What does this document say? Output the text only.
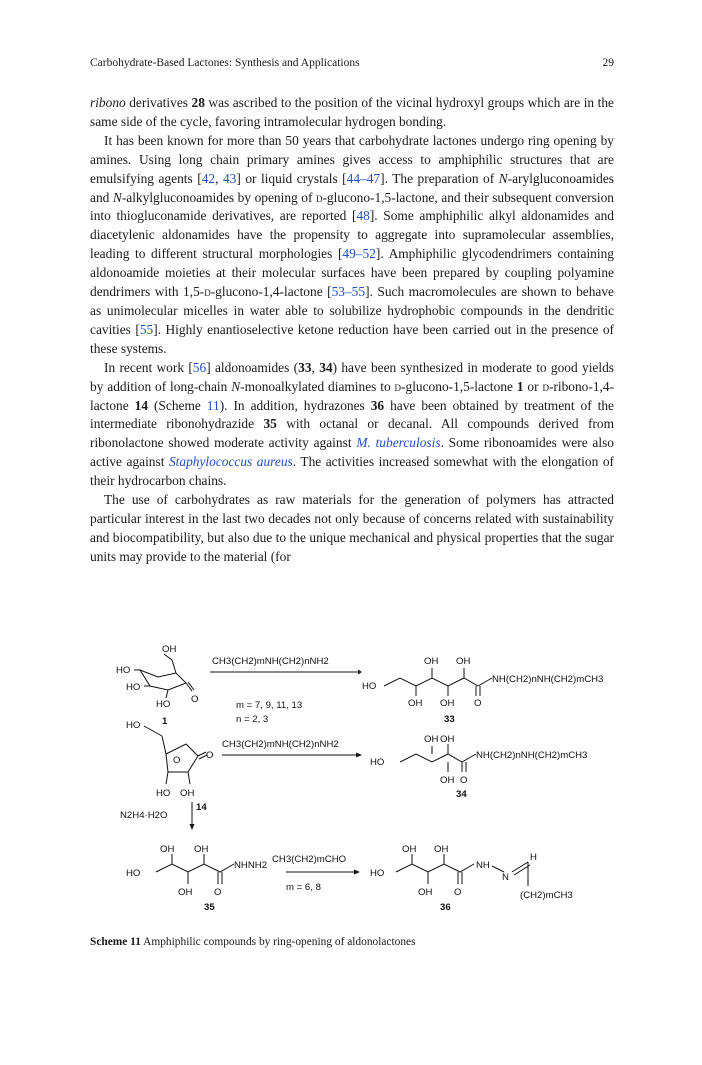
Carbohydrate-Based Lactones: Synthesis and Applications	29

ribono derivatives 28 was ascribed to the position of the vicinal hydroxyl groups which are in the same side of the cycle, favoring intramolecular hydrogen bonding.

It has been known for more than 50 years that carbohydrate lactones undergo ring opening by amines. Using long chain primary amines gives access to amphiphilic structures that are emulsifying agents [42, 43] or liquid crystals [44–47]. The preparation of N-arylgluconoamides and N-alkylgluconoamides by opening of d-glucono-1,5-lactone, and their subsequent conversion into thiogluconamide derivatives, are reported [48]. Some amphiphilic alkyl aldonamides and diacetylenic aldonamides have the propensity to aggregate into supramolecular assemblies, leading to different structural morphologies [49–52]. Amphiphilic glycodendrimers containing aldonoamide moieties at their molecular surfaces have been prepared by coupling polyamine dendrimers with 1,5-d-glucono-1,4-lactone [53–55]. Such macromolecules are shown to behave as unimolecular micelles in water able to solubilize hydrophobic compounds in the dendritic cavities [55]. Highly enantioselective ketone reduction have been carried out in the presence of these systems.

In recent work [56] aldonoamides (33, 34) have been synthesized in moderate to good yields by addition of long-chain N-monoalkylated diamines to d-glucono-1,5-lactone 1 or d-ribono-1,4-lactone 14 (Scheme 11). In addition, hydrazones 36 have been obtained by treatment of the intermediate ribonohydrazide 35 with octanal or decanal. All compounds derived from ribonolactone showed moderate activity against M. tuberculosis. Some ribonoamides were also active against Staphylococcus aureus. The activities increased somewhat with the elongation of their hydrocarbon chains.

The use of carbohydrates as raw materials for the generation of polymers has attracted particular interest in the last two decades not only because of concerns related with sustainability and biocompatibility, but also due to the unique mechanical and physical properties that the sugar units may provide to the material (for

OH
HO
HO
HO O
1
CH3(CH2)mNH(CH2)nNH2
m = 7, 9, 11, 13
n = 2, 3
HO
OH OH
OH OH O
NH(CH2)nNH(CH2)mCH3
33
HO
O
O
HO OH
14
CH3(CH2)mNH(CH2)nNH2
HO
OH OH
OH O
NH(CH2)nNH(CH2)mCH3
34
N2H4·H2O
HO
OH OH
OH O
NHNH2
35
CH3(CH2)mCHO
m = 6, 8
HO
OH OH
OH O
NH
N
H
(CH2)mCH3
36
Scheme 11 Amphiphilic compounds by ring-opening of aldonolactones
